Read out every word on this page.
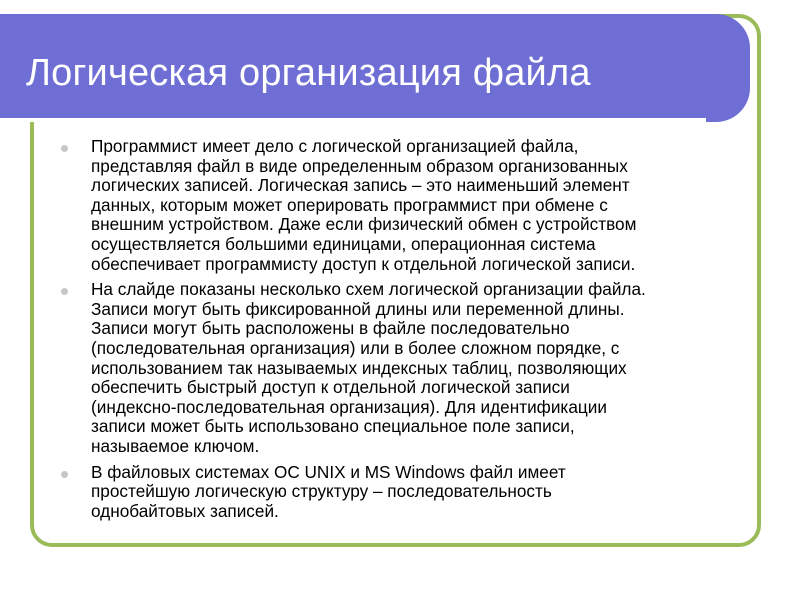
Логическая организация файла
Программист имеет дело с логической организацией файла,
представляя файл в виде определенным образом организованных
логических записей. Логическая запись – это наименьший элемент
данных, которым может оперировать программист при обмене с
внешним устройством. Даже если физический обмен с устройством
осуществляется большими единицами, операционная система
обеспечивает программисту доступ к отдельной логической записи.
На слайде показаны несколько схем логической организации файла.
Записи могут быть фиксированной длины или переменной длины.
Записи могут быть расположены в файле последовательно
(последовательная организация) или в более сложном порядке, с
использованием так называемых индексных таблиц, позволяющих
обеспечить быстрый доступ к отдельной логической записи
(индексно-последовательная организация). Для идентификации
записи может быть использовано специальное поле записи,
называемое ключом.
В файловых системах ОС UNIX и MS Windows файл имеет
простейшую логическую структуру – последовательность
однобайтовых записей.
